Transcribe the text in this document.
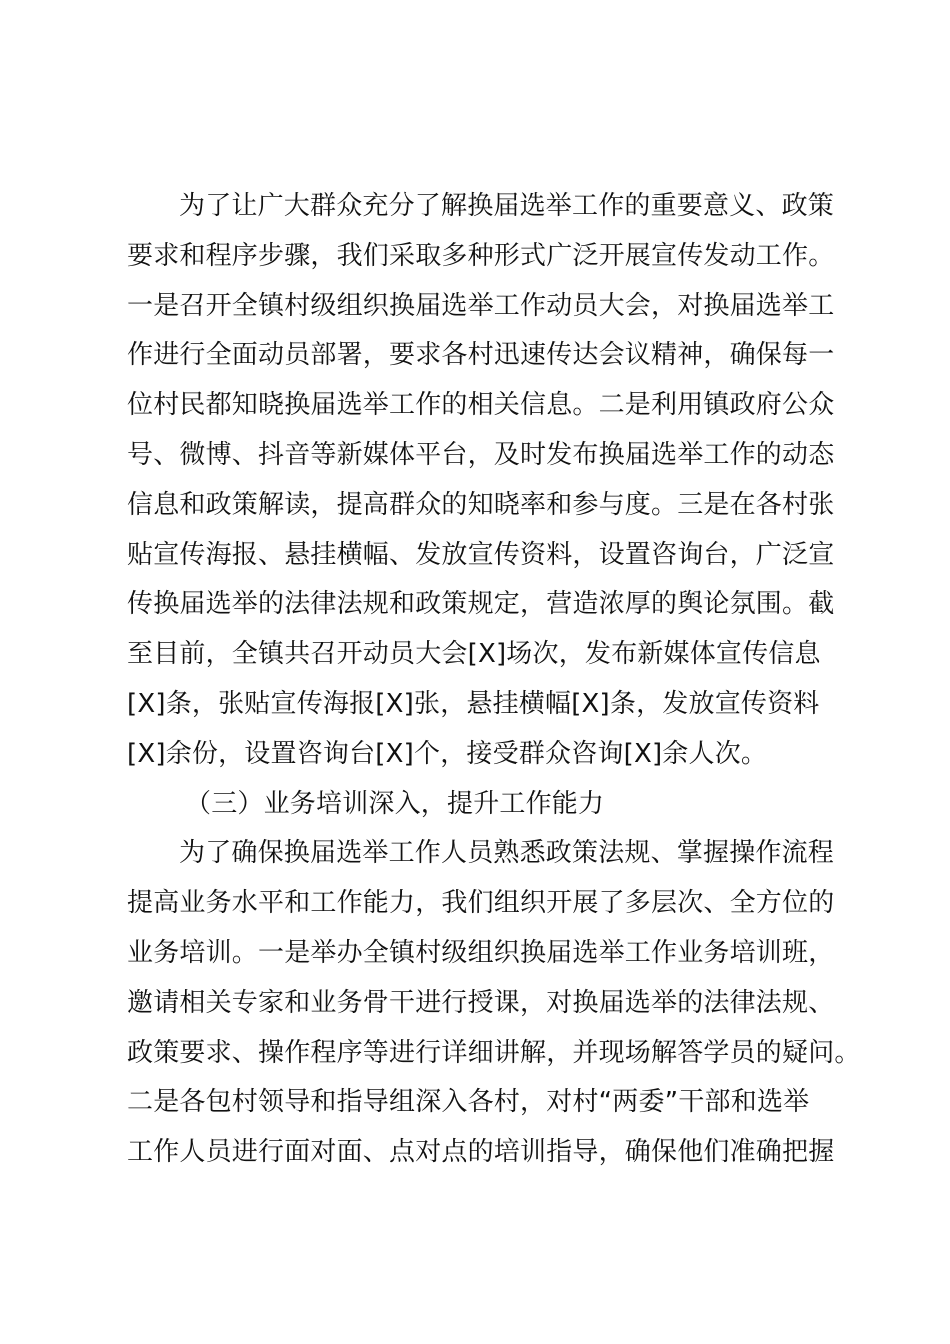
为了让广大群众充分了解换届选举工作的重要意义、政策
要求和程序步骤，我们采取多种形式广泛开展宣传发动工作。
一是召开全镇村级组织换届选举工作动员大会，对换届选举工
作进行全面动员部署，要求各村迅速传达会议精神，确保每一
位村民都知晓换届选举工作的相关信息。二是利用镇政府公众
号、微博、抖音等新媒体平台，及时发布换届选举工作的动态
信息和政策解读，提高群众的知晓率和参与度。三是在各村张
贴宣传海报、悬挂横幅、发放宣传资料，设置咨询台，广泛宣
传换届选举的法律法规和政策规定，营造浓厚的舆论氛围。截
至目前，全镇共召开动员大会[X]场次，发布新媒体宣传信息
[X]条，张贴宣传海报[X]张，悬挂横幅[X]条，发放宣传资料
[X]余份，设置咨询台[X]个，接受群众咨询[X]余人次。
（三）业务培训深入，提升工作能力
为了确保换届选举工作人员熟悉政策法规、掌握操作流程
提高业务水平和工作能力，我们组织开展了多层次、全方位的
业务培训。一是举办全镇村级组织换届选举工作业务培训班，
邀请相关专家和业务骨干进行授课，对换届选举的法律法规、
政策要求、操作程序等进行详细讲解，并现场解答学员的疑问。
二是各包村领导和指导组深入各村，对村“两委”干部和选举
工作人员进行面对面、点对点的培训指导，确保他们准确把握
